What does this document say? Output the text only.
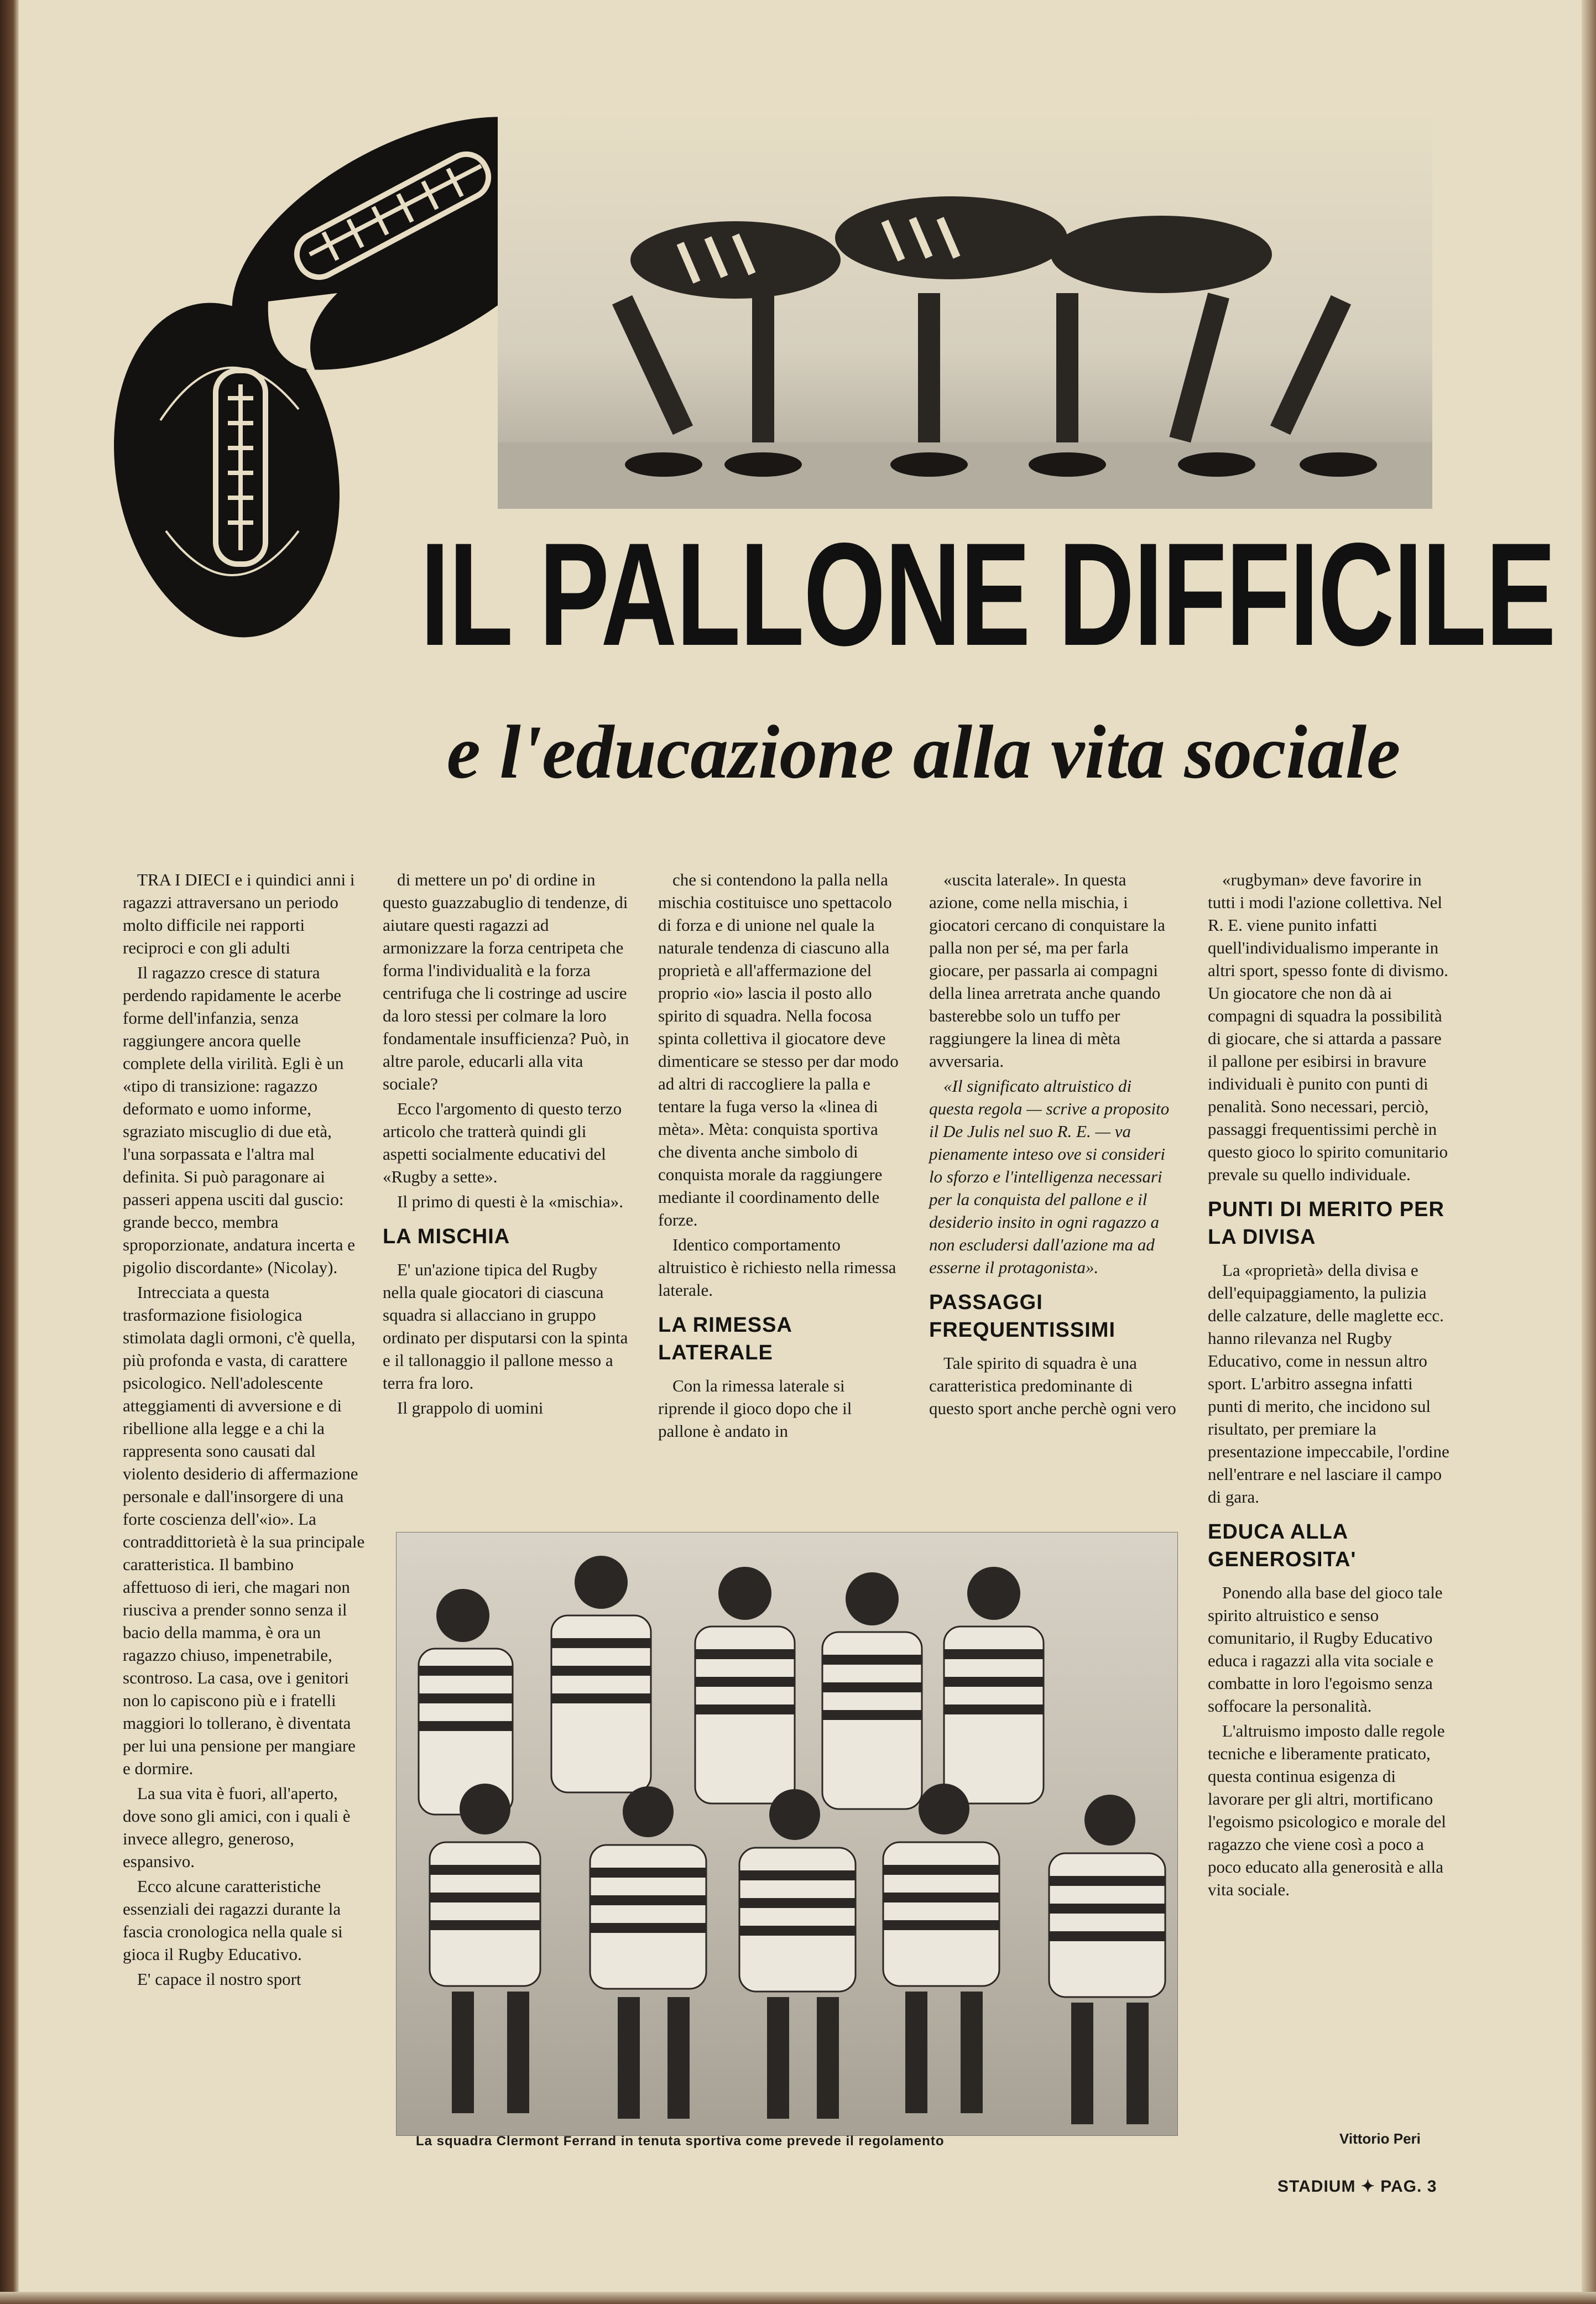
IL PALLONE DIFFICILE
e l'educazione alla vita sociale

TRA I DIECI e i quindici anni i ragazzi attraversano un periodo molto difficile nei rapporti reciproci e con gli adulti

Il ragazzo cresce di statura perdendo rapidamente le acerbe forme dell'infanzia, senza raggiungere ancora quelle complete della virilità. Egli è un «tipo di transizione: ragazzo deformato e uomo informe, sgraziato miscuglio di due età, l'una sorpassata e l'altra mal definita. Si può paragonare ai passeri appena usciti dal guscio: grande becco, membra sproporzionate, andatura incerta e pigolio discordante» (Nicolay).

Intrecciata a questa trasformazione fisiologica stimolata dagli ormoni, c'è quella, più profonda e vasta, di carattere psicologico. Nell'adolescente atteggiamenti di avversione e di ribellione alla legge e a chi la rappresenta sono causati dal violento desiderio di affermazione personale e dall'insorgere di una forte coscienza dell'«io». La contraddittorietà è la sua principale caratteristica. Il bambino affettuoso di ieri, che magari non riusciva a prender sonno senza il bacio della mamma, è ora un ragazzo chiuso, impenetrabile, scontroso. La casa, ove i genitori non lo capiscono più e i fratelli maggiori lo tollerano, è diventata per lui una pensione per mangiare e dormire.

La sua vita è fuori, all'aperto, dove sono gli amici, con i quali è invece allegro, generoso, espansivo.

Ecco alcune caratteristiche essenziali dei ragazzi durante la fascia cronologica nella quale si gioca il Rugby Educativo.

E' capace il nostro sport

di mettere un po' di ordine in questo guazzabuglio di tendenze, di aiutare questi ragazzi ad armonizzare la forza centripeta che forma l'individualità e la forza centrifuga che li costringe ad uscire da loro stessi per colmare la loro fondamentale insufficienza? Può, in altre parole, educarli alla vita sociale?

Ecco l'argomento di questo terzo articolo che tratterà quindi gli aspetti socialmente educativi del «Rugby a sette».

Il primo di questi è la «mischia».

LA MISCHIA

E' un'azione tipica del Rugby nella quale giocatori di ciascuna squadra si allacciano in gruppo ordinato per disputarsi con la spinta e il tallonaggio il pallone messo a terra fra loro.

Il grappolo di uomini

che si contendono la palla nella mischia costituisce uno spettacolo di forza e di unione nel quale la naturale tendenza di ciascuno alla proprietà e all'affermazione del proprio «io» lascia il posto allo spirito di squadra. Nella focosa spinta collettiva il giocatore deve dimenticare se stesso per dar modo ad altri di raccogliere la palla e tentare la fuga verso la «linea di mèta». Mèta: conquista sportiva che diventa anche simbolo di conquista morale da raggiungere mediante il coordinamento delle forze.

Identico comportamento altruistico è richiesto nella rimessa laterale.

LA RIMESSA LATERALE

Con la rimessa laterale si riprende il gioco dopo che il pallone è andato in

«uscita laterale». In questa azione, come nella mischia, i giocatori cercano di conquistare la palla non per sé, ma per farla giocare, per passarla ai compagni della linea arretrata anche quando basterebbe solo un tuffo per raggiungere la linea di mèta avversaria.

«Il significato altruistico di questa regola — scrive a proposito il De Julis nel suo R. E. — va pienamente inteso ove si consideri lo sforzo e l'intelligenza necessari per la conquista del pallone e il desiderio insito in ogni ragazzo a non escludersi dall'azione ma ad esserne il protagonista».

PASSAGGI FREQUENTISSIMI

Tale spirito di squadra è una caratteristica predominante di questo sport anche perchè ogni vero

La squadra Clermont Ferrand in tenuta sportiva come prevede il regolamento

«rugbyman» deve favorire in tutti i modi l'azione collettiva. Nel R. E. viene punito infatti quell'individualismo imperante in altri sport, spesso fonte di divismo. Un giocatore che non dà ai compagni di squadra la possibilità di giocare, che si attarda a passare il pallone per esibirsi in bravure individuali è punito con punti di penalità. Sono necessari, perciò, passaggi frequentissimi perchè in questo gioco lo spirito comunitario prevale su quello individuale.

PUNTI DI MERITO PER LA DIVISA

La «proprietà» della divisa e dell'equipaggiamento, la pulizia delle calzature, delle maglette ecc. hanno rilevanza nel Rugby Educativo, come in nessun altro sport. L'arbitro assegna infatti punti di merito, che incidono sul risultato, per premiare la presentazione impeccabile, l'ordine nell'entrare e nel lasciare il campo di gara.

EDUCA ALLA GENEROSITA'

Ponendo alla base del gioco tale spirito altruistico e senso comunitario, il Rugby Educativo educa i ragazzi alla vita sociale e combatte in loro l'egoismo senza soffocare la personalità.

L'altruismo imposto dalle regole tecniche e liberamente praticato, questa continua esigenza di lavorare per gli altri, mortificano l'egoismo psicologico e morale del ragazzo che viene così a poco a poco educato alla generosità e alla vita sociale.

Vittorio Peri
STADIUM ✦ PAG. 3
